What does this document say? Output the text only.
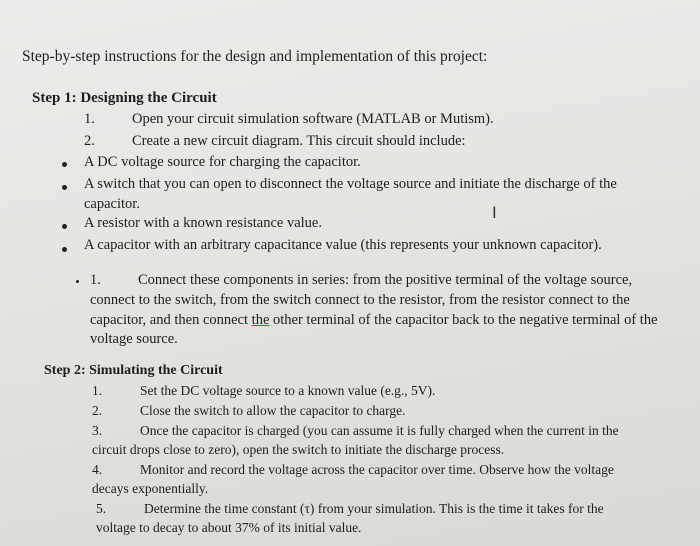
Step-by-step instructions for the design and implementation of this project:
Step 1: Designing the Circuit
1.	Open your circuit simulation software (MATLAB or Mutism).
2.	Create a new circuit diagram. This circuit should include:
A DC voltage source for charging the capacitor.
A switch that you can open to disconnect the voltage source and initiate the discharge of the
capacitor.	I
A resistor with a known resistance value.
A capacitor with an arbitrary capacitance value (this represents your unknown capacitor).
1.	Connect these components in series: from the positive terminal of the voltage source,
connect to the switch, from the switch connect to the resistor, from the resistor connect to the
capacitor, and then connect the other terminal of the capacitor back to the negative terminal of the
voltage source.
Step 2: Simulating the Circuit
1.	Set the DC voltage source to a known value (e.g., 5V).
2.	Close the switch to allow the capacitor to charge.
3.	Once the capacitor is charged (you can assume it is fully charged when the current in the
circuit drops close to zero), open the switch to initiate the discharge process.
4.	Monitor and record the voltage across the capacitor over time. Observe how the voltage
decays exponentially.
5.	Determine the time constant (τ) from your simulation. This is the time it takes for the
voltage to decay to about 37% of its initial value.
